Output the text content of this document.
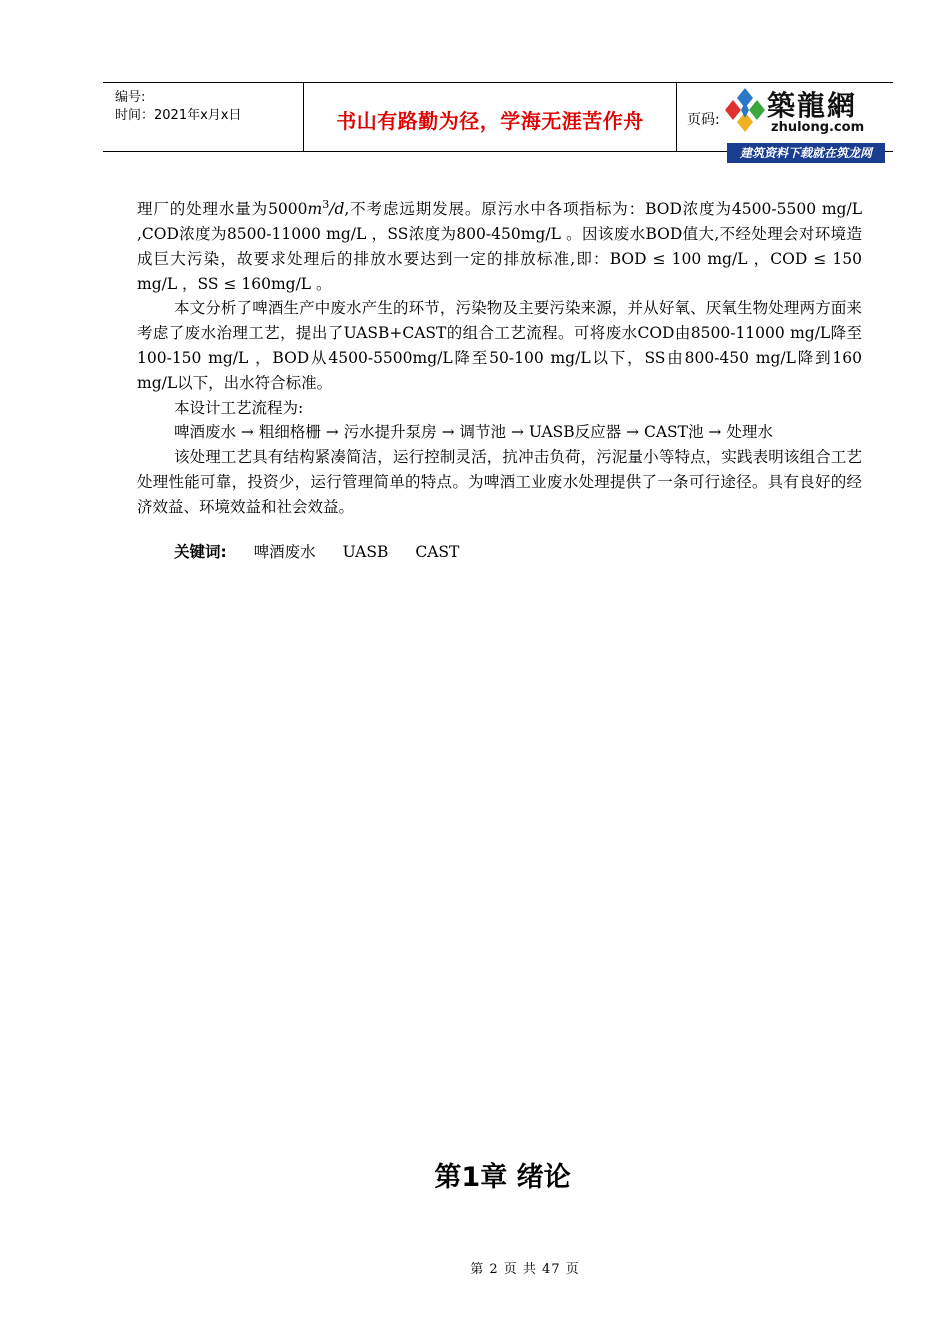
编号:
时间：2021年x月x日	书山有路勤为径，学海无涯苦作舟	页码: 築龍網
zhulong.com
建筑资料下载就在筑龙网

理厂的处理水量为$5000m^3/d$,不考虑远期发展。原污水中各项指标为：BOD浓度为4500-5500 mg/L ,COD浓度为8500-11000 mg/L ，SS浓度为800-450mg/L 。因该废水BOD值大,不经处理会对环境造成巨大污染，故要求处理后的排放水要达到一定的排放标准,即：BOD ≤ 100 mg/L ，COD ≤ 150 mg/L ，SS ≤ 160mg/L 。

本文分析了啤酒生产中废水产生的环节，污染物及主要污染来源，并从好氧、厌氧生物处理两方面来考虑了废水治理工艺，提出了UASB+CAST的组合工艺流程。可将废水COD由8500-11000 mg/L降至100-150 mg/L ，BOD从4500-5500mg/L降至50-100 mg/L以下，SS由800-450 mg/L降到160 mg/L以下，出水符合标准。

本设计工艺流程为:

啤酒废水 → 粗细格栅 → 污水提升泵房 → 调节池 → UASB反应器 → CAST池 → 处理水

该处理工艺具有结构紧凑简洁，运行控制灵活，抗冲击负荷，污泥量小等特点，实践表明该组合工艺处理性能可靠，投资少，运行管理简单的特点。为啤酒工业废水处理提供了一条可行途径。具有良好的经济效益、环境效益和社会效益。

关键词: 啤酒废水 UASB CAST

第1章 绪论
第 2 页 共 47 页
